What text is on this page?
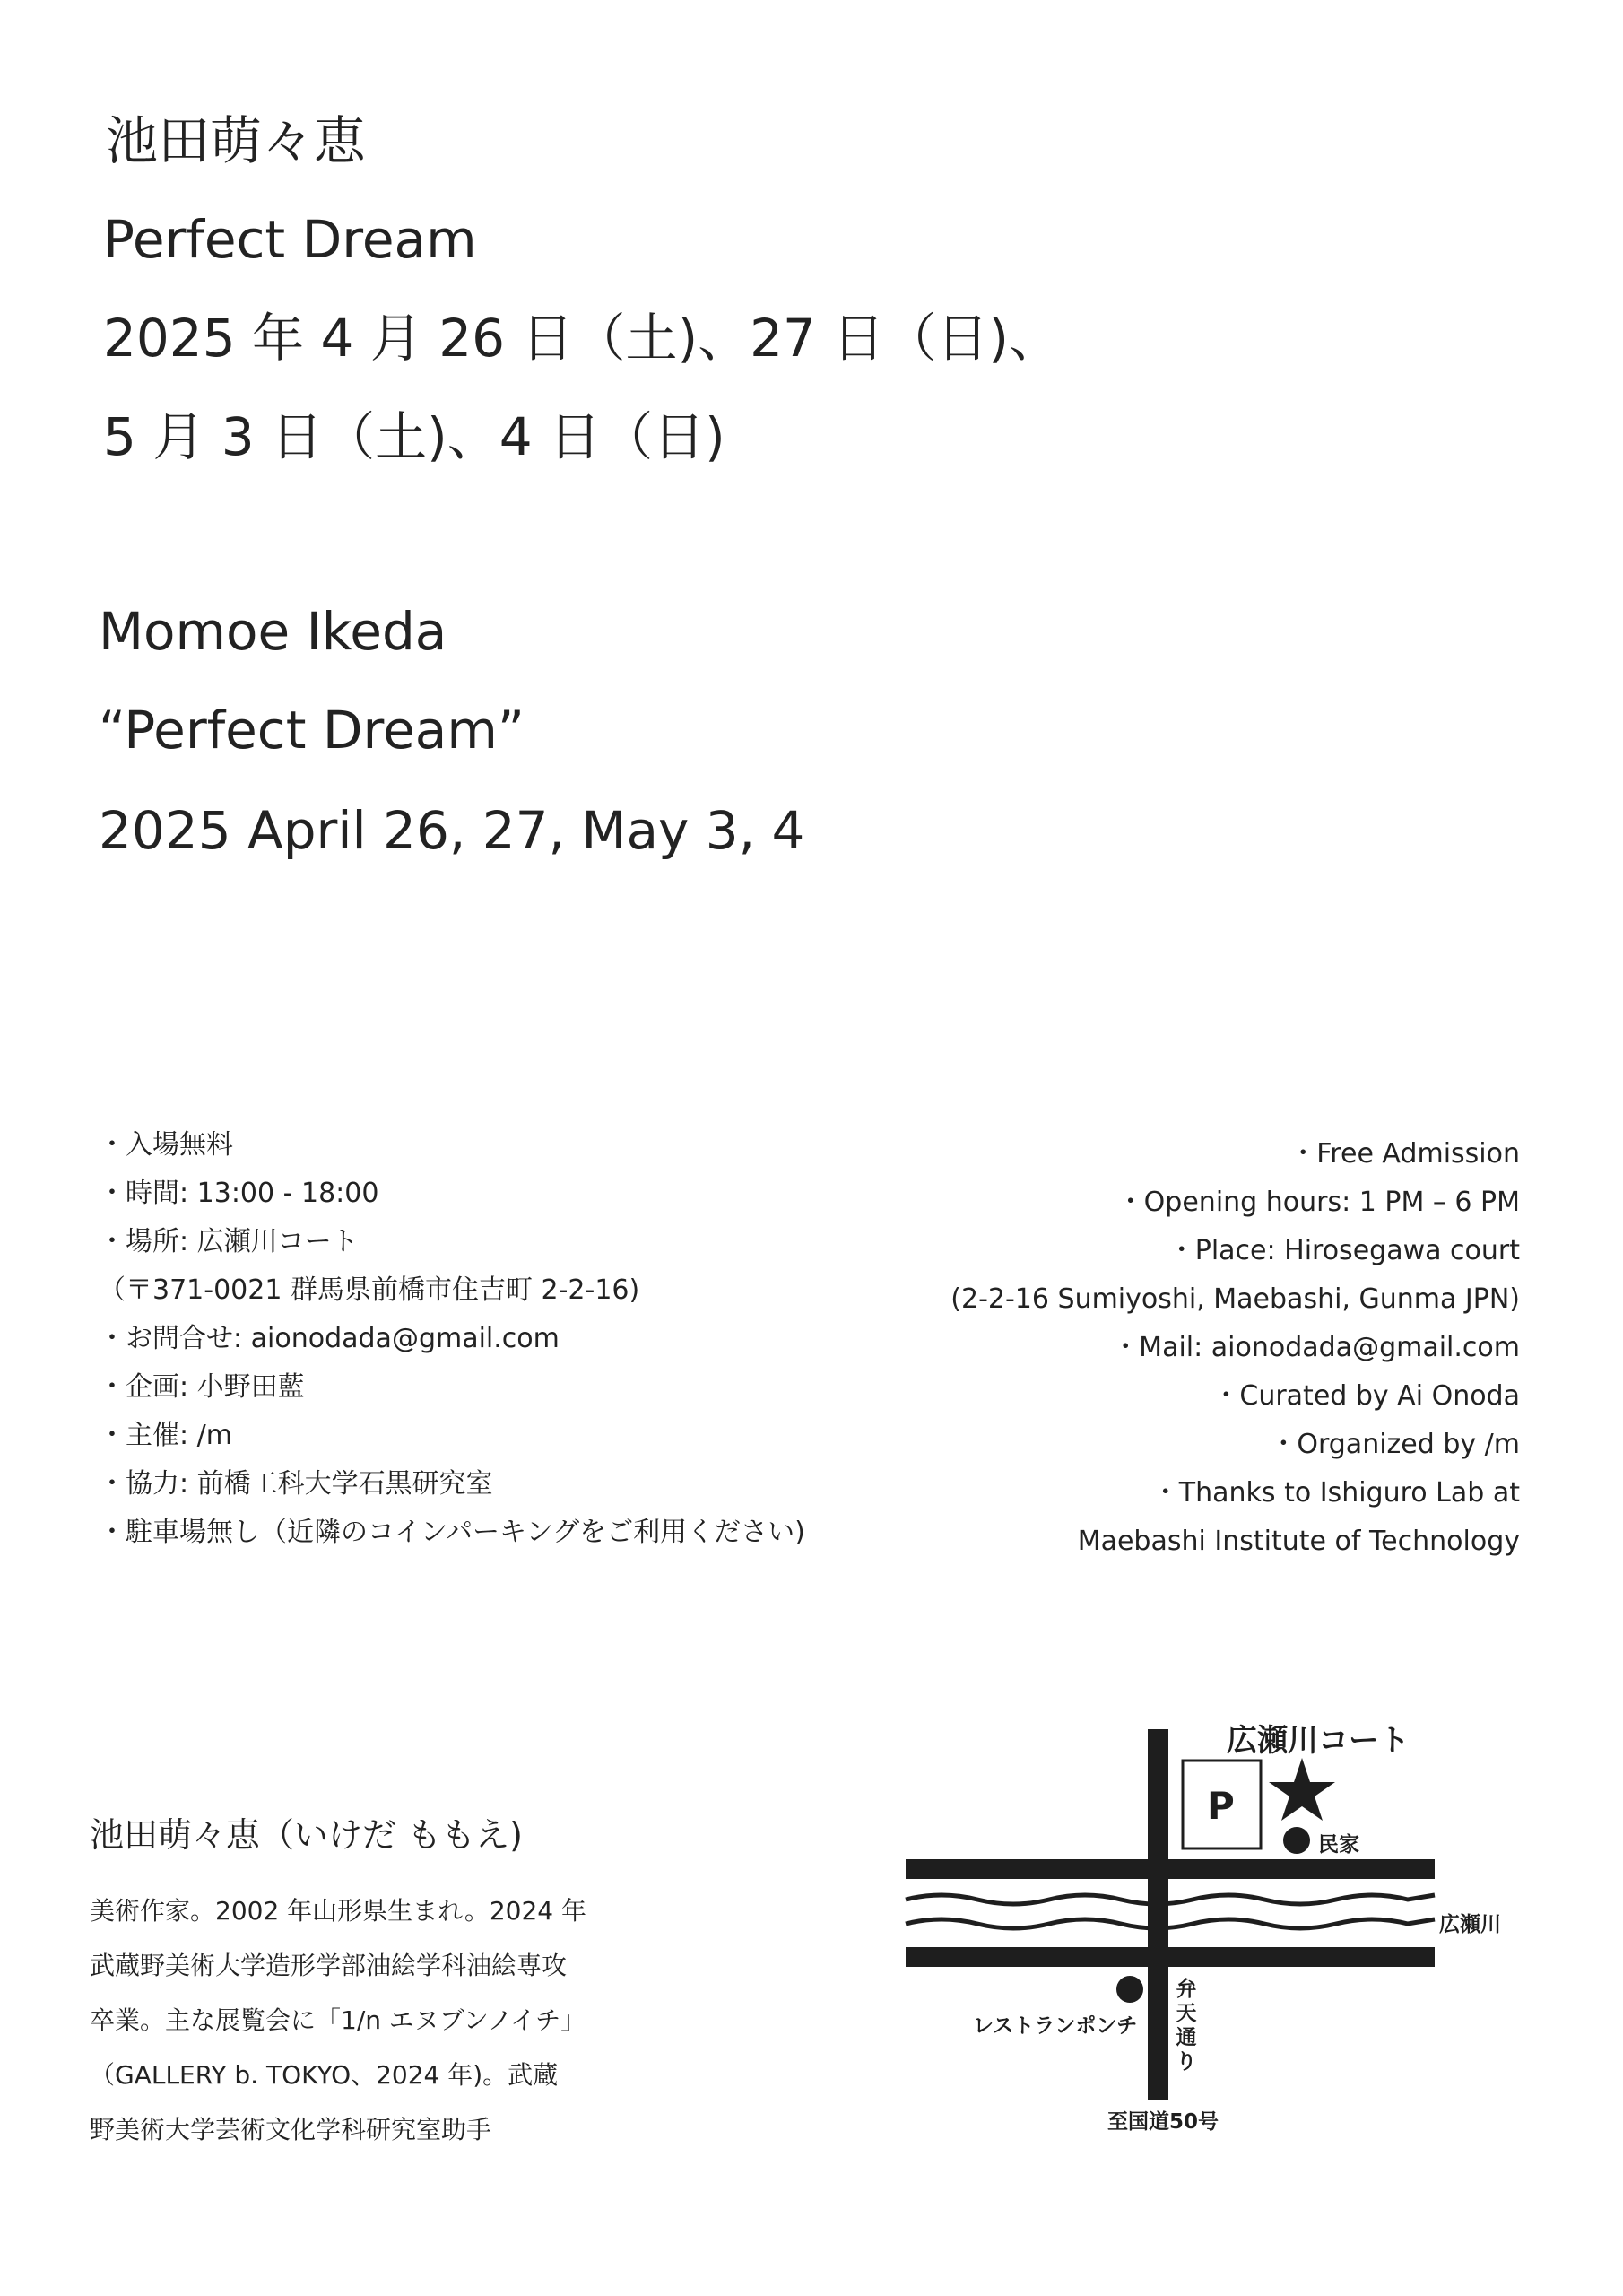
池田萌々恵
Perfect Dream

2025 年 4 月 26 日（土)、27 日（日)、

5 月 3 日（土)、4 日（日)

Momoe Ikeda

“Perfect Dream”

2025 April 26, 27, May 3, 4

・入場無料

・時間: 13:00 - 18:00

・場所: 広瀬川コート

（〒371-0021 群馬県前橋市住吉町 2-2-16)

・お問合せ: aionodada@gmail.com

・企画: 小野田藍

・主催: /m

・協力: 前橋工科大学石黒研究室

・駐車場無し（近隣のコインパーキングをご利用ください)

・Free Admission

・Opening hours: 1 PM – 6 PM

・Place: Hirosegawa court

(2-2-16 Sumiyoshi, Maebashi, Gunma JPN)

・Mail: aionodada@gmail.com

・Curated by Ai Onoda

・Organized by /m

・Thanks to Ishiguro Lab at

Maebashi Institute of Technology

池田萌々恵（いけだ ももえ)

美術作家。2002 年山形県生まれ。2024 年

武蔵野美術大学造形学部油絵学科油絵専攻

卒業。主な展覧会に「1/n エヌブンノイチ」

（GALLERY b. TOKYO、2024 年)。武蔵

野美術大学芸術文化学科研究室助手

広瀬川コート
P
民家
広瀬川
レストランポンチ
弁天通り
至国道50号
